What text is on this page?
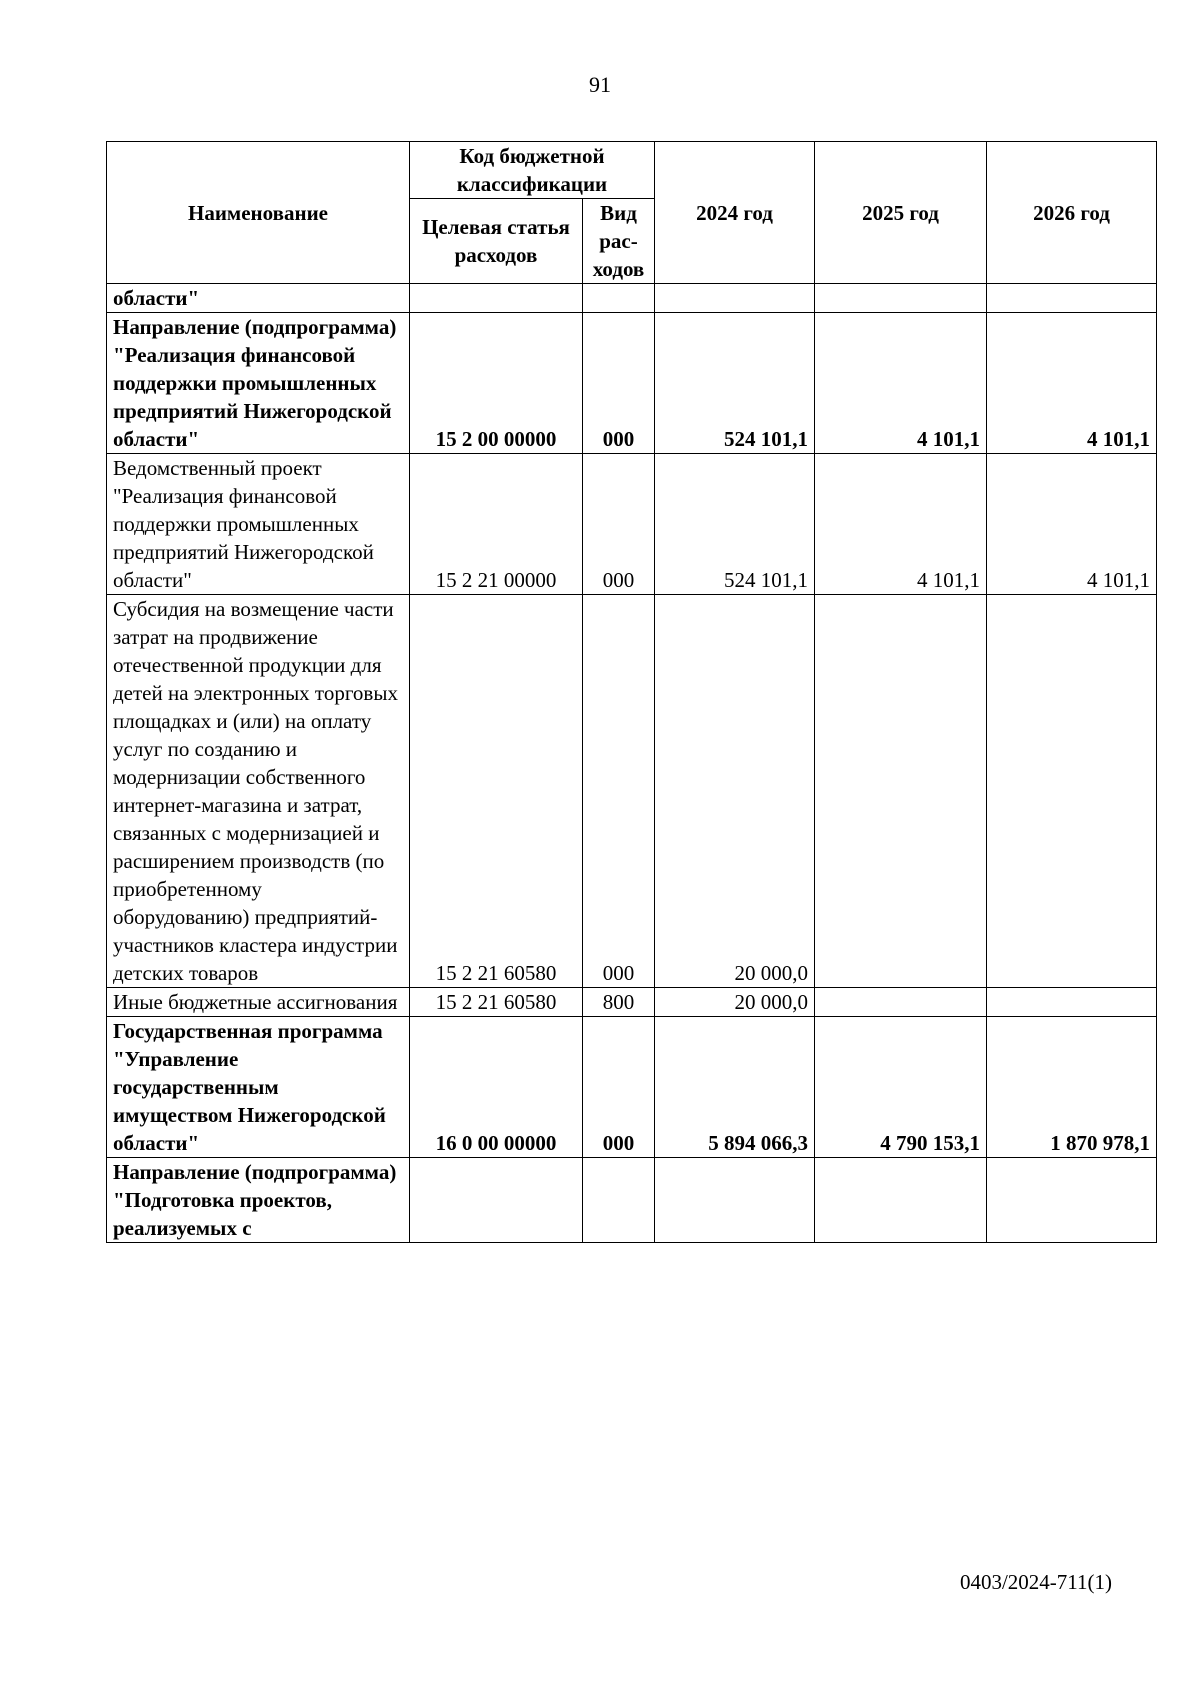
91
Наименование	Код бюджетной классификации		2024 год	2025 год	2026 год
	Целевая статья расходов	Вид рас-ходов			
области"					
Направление (подпрограмма) "Реализация финансовой поддержки промышленных предприятий Нижегородской области"	15 2 00 00000	000	524 101,1	4 101,1	4 101,1
Ведомственный проект "Реализация финансовой поддержки промышленных предприятий Нижегородской области"	15 2 21 00000	000	524 101,1	4 101,1	4 101,1
Субсидия на возмещение части затрат на продвижение отечественной продукции для детей на электронных торговых площадках и (или) на оплату услуг по созданию и модернизации собственного интернет-магазина и затрат, связанных с модернизацией и расширением производств (по приобретенному оборудованию) предприятий-участников кластера индустрии детских товаров	15 2 21 60580	000	20 000,0		
Иные бюджетные ассигнования	15 2 21 60580	800	20 000,0		
Государственная программа "Управление государственным имуществом Нижегородской области"	16 0 00 00000	000	5 894 066,3	4 790 153,1	1 870 978,1
Направление (подпрограмма) "Подготовка проектов, реализуемых с					
0403/2024-711(1)
